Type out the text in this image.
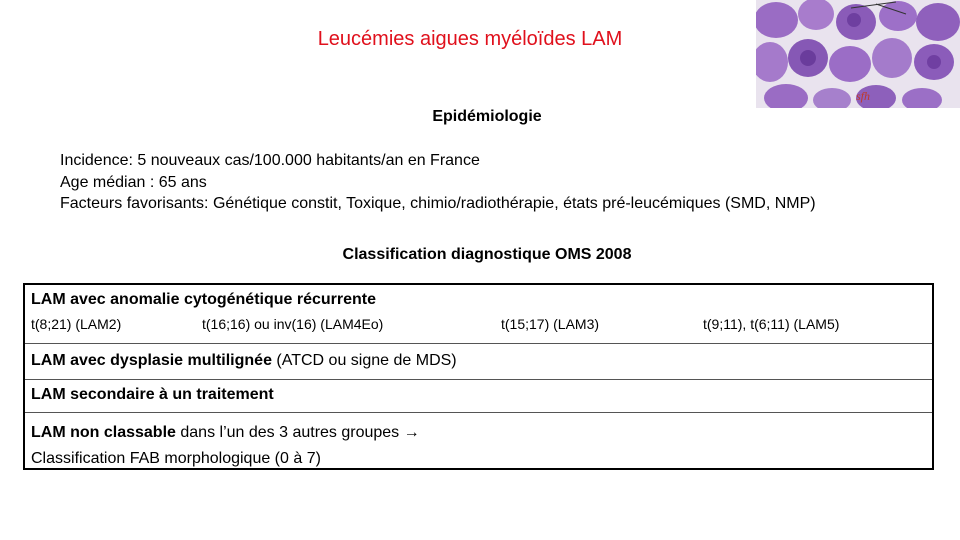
Leucémies aigues myéloïdes LAM
sfh
Epidémiologie
Incidence: 5 nouveaux cas/100.000 habitants/an en France
Age médian : 65 ans
Facteurs favorisants: Génétique constit, Toxique, chimio/radiothérapie, états pré-leucémiques (SMD, NMP)
Classification diagnostique OMS 2008
LAM avec anomalie cytogénétique récurrente
t(8;21) (LAM2)	t(16;16) ou inv(16) (LAM4Eo)	t(15;17) (LAM3)	t(9;11), t(6;11) (LAM5)
LAM avec dysplasie multilignée (ATCD ou signe de MDS)
LAM secondaire à un traitement
LAM non classable dans l’un des 3 autres groupes →
Classification FAB morphologique (0 à 7)
